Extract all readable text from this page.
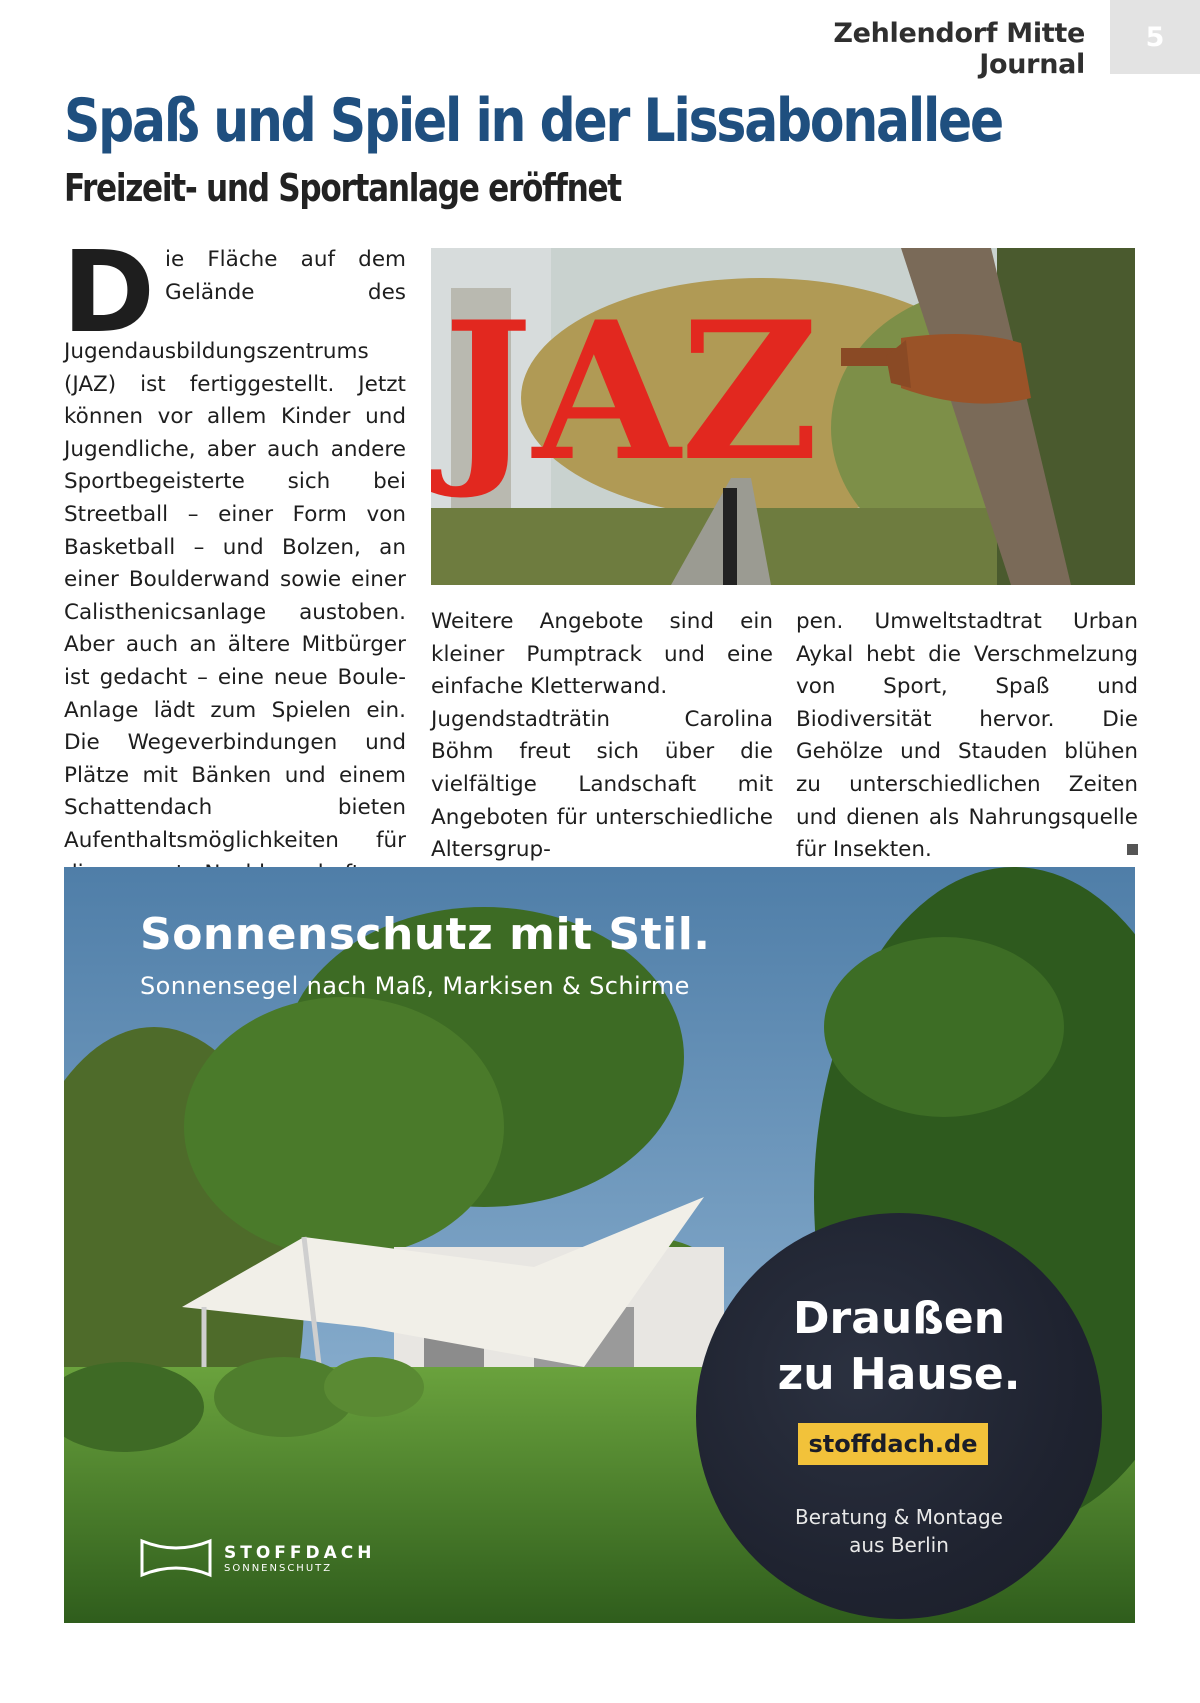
Zehlendorf Mitte Journal
5
Spaß und Spiel in der Lissabonallee
Freizeit- und Sportanlage eröffnet
D ie Fläche auf dem Gelände des Jugendausbildungszentrums (JAZ) ist fertiggestellt. Jetzt können vor allem Kinder und Jugendliche, aber auch andere Sportbegeisterte sich bei Streetball – einer Form von Basketball – und Bolzen, an einer Boulderwand sowie einer Calisthenicsanlage austoben. Aber auch an ältere Mitbürger ist gedacht – eine neue Boule-Anlage lädt zum Spielen ein. Die Wegeverbindungen und Plätze mit Bänken und einem Schattendach bieten Aufenthaltsmöglichkeiten für

JAZ

Weitere Angebote sind ein kleiner Pumptrack und eine einfache Kletterwand.

Jugendstadträtin Carolina Böhm freut sich über die vielfältige Landschaft mit Angeboten für unterschiedliche Altersgrup-

pen. Umweltstadtrat Urban Aykal hebt die Verschmelzung von Sport, Spaß und Biodiversität hervor. Die Gehölze und Stauden blühen zu unterschiedlichen Zeiten und dienen als Nahrungsquelle für Insekten.

Sonnenschutz mit Stil.
Sonnensegel nach Maß, Markisen & Schirme
Draußen
zu Hause.
stoffdach.de
Beratung & Montage
aus Berlin
STOFFDACH
SONNENSCHUTZ
